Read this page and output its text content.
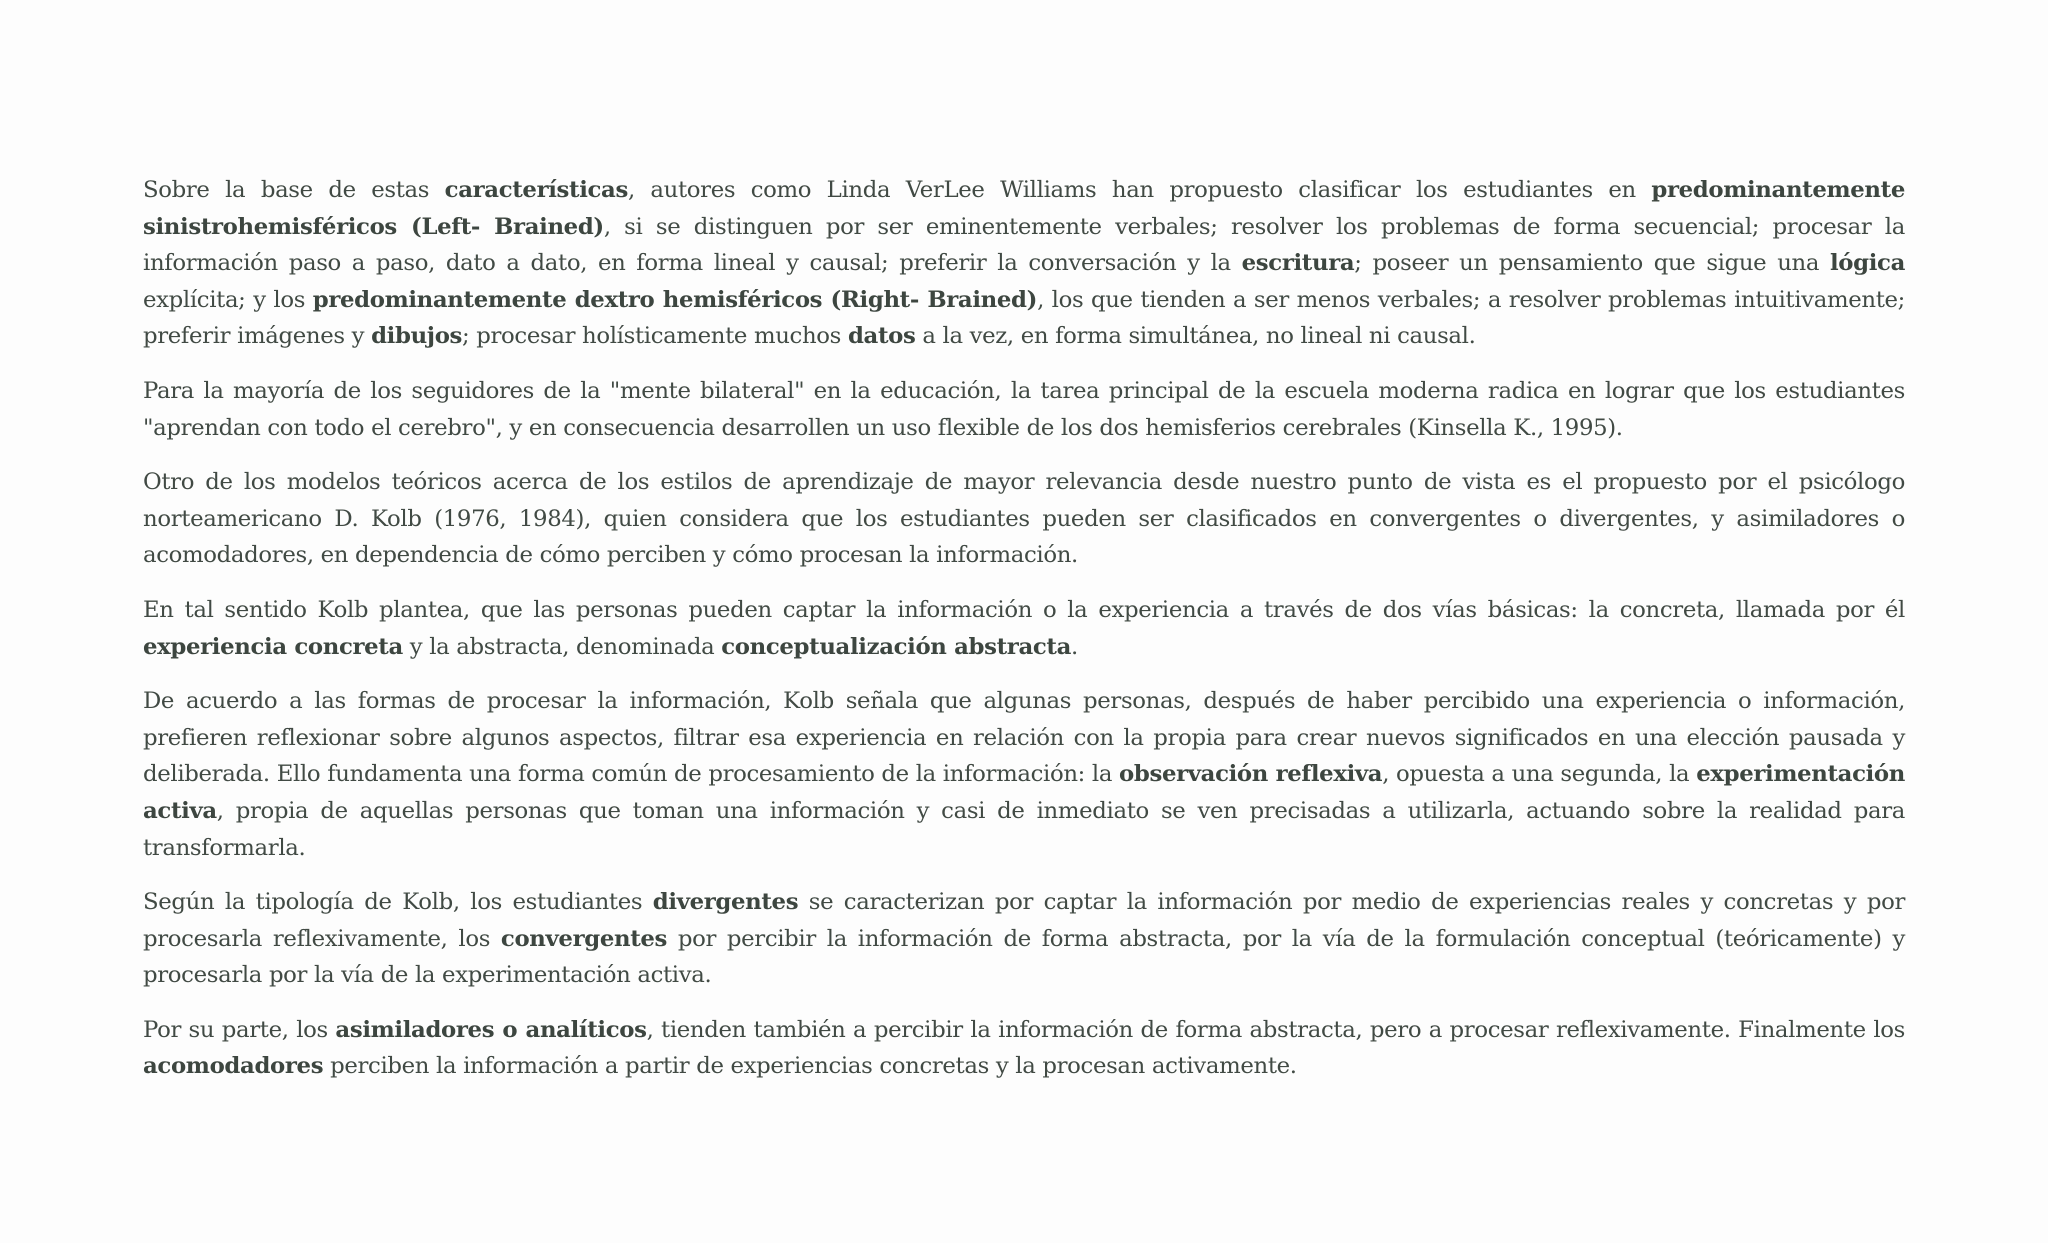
Sobre la base de estas características, autores como Linda VerLee Williams han propuesto clasificar los estudiantes en predominantemente sinistrohemisféricos (Left- Brained), si se distinguen por ser eminentemente verbales; resolver los problemas de forma secuencial; procesar la información paso a paso, dato a dato, en forma lineal y causal; preferir la conversación y la escritura; poseer un pensamiento que sigue una lógica explícita; y los predominantemente dextro hemisféricos (Right- Brained), los que tienden a ser menos verbales; a resolver problemas intuitivamente; preferir imágenes y dibujos; procesar holísticamente muchos datos a la vez, en forma simultánea, no lineal ni causal.

Para la mayoría de los seguidores de la "mente bilateral" en la educación, la tarea principal de la escuela moderna radica en lograr que los estudiantes "aprendan con todo el cerebro", y en consecuencia desarrollen un uso flexible de los dos hemisferios cerebrales (Kinsella K., 1995).

Otro de los modelos teóricos acerca de los estilos de aprendizaje de mayor relevancia desde nuestro punto de vista es el propuesto por el psicólogo norteamericano D. Kolb (1976, 1984), quien considera que los estudiantes pueden ser clasificados en convergentes o divergentes, y asimiladores o acomodadores, en dependencia de cómo perciben y cómo procesan la información.

En tal sentido Kolb plantea, que las personas pueden captar la información o la experiencia a través de dos vías básicas: la concreta, llamada por él experiencia concreta y la abstracta, denominada conceptualización abstracta.

De acuerdo a las formas de procesar la información, Kolb señala que algunas personas, después de haber percibido una experiencia o información, prefieren reflexionar sobre algunos aspectos, filtrar esa experiencia en relación con la propia para crear nuevos significados en una elección pausada y deliberada. Ello fundamenta una forma común de procesamiento de la información: la observación reflexiva, opuesta a una segunda, la experimentación activa, propia de aquellas personas que toman una información y casi de inmediato se ven precisadas a utilizarla, actuando sobre la realidad para transformarla.

Según la tipología de Kolb, los estudiantes divergentes se caracterizan por captar la información por medio de experiencias reales y concretas y por procesarla reflexivamente, los convergentes por percibir la información de forma abstracta, por la vía de la formulación conceptual (teóricamente) y procesarla por la vía de la experimentación activa.

Por su parte, los asimiladores o analíticos, tienden también a percibir la información de forma abstracta, pero a procesar reflexivamente. Finalmente los acomodadores perciben la información a partir de experiencias concretas y la procesan activamente.
